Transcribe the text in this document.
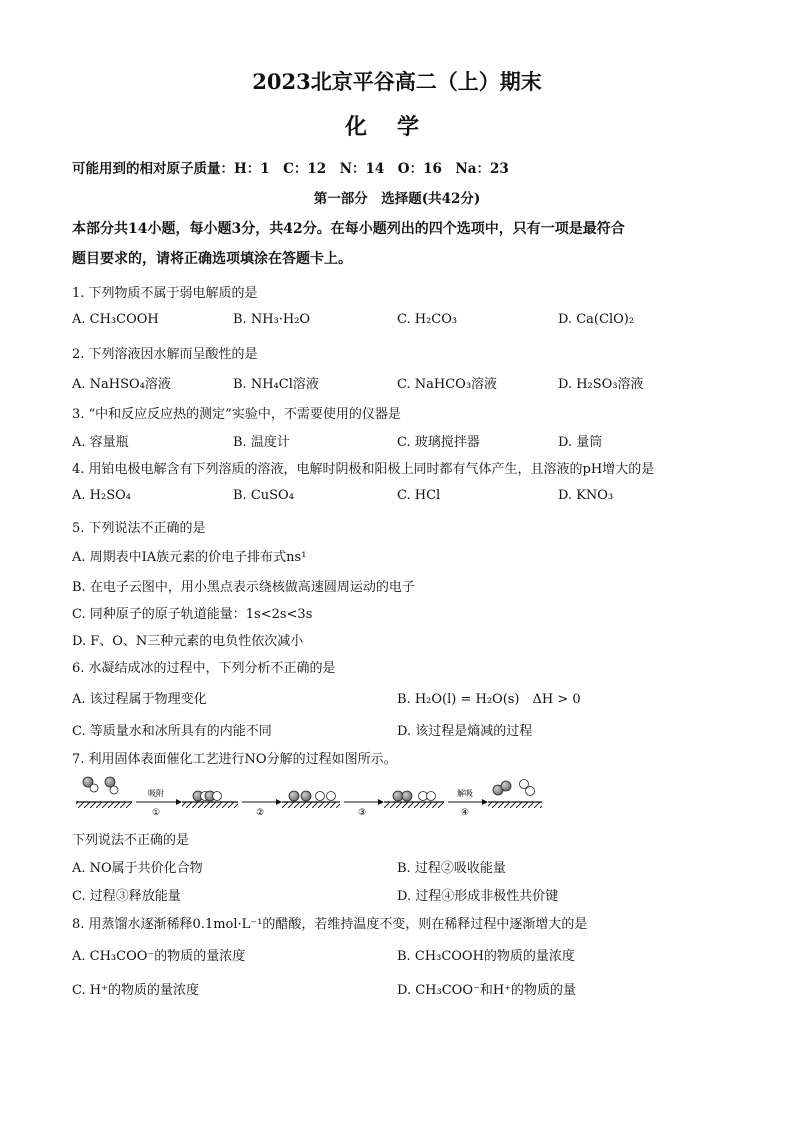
2023北京平谷高二（上）期末
化学
可能用到的相对原子质量：H：1　C：12　N：14　O：16　Na：23
第一部分　选择题(共42分)
本部分共14小题，每小题3分，共42分。在每小题列出的四个选项中，只有一项是最符合
题目要求的，请将正确选项填涂在答题卡上。
1. 下列物质不属于弱电解质的是
A. CH₃COOH	B. NH₃·H₂O	C. H₂CO₃	D. Ca(ClO)₂
2. 下列溶液因水解而呈酸性的是
A. NaHSO₄溶液	B. NH₄Cl溶液	C. NaHCO₃溶液	D. H₂SO₃溶液
3. “中和反应反应热的测定”实验中，不需要使用的仪器是
A. 容量瓶	B. 温度计	C. 玻璃搅拌器	D. 量筒
4. 用铂电极电解含有下列溶质的溶液，电解时阴极和阳极上同时都有气体产生，且溶液的pH增大的是
A. H₂SO₄	B. CuSO₄	C. HCl	D. KNO₃
5. 下列说法不正确的是
A. 周期表中IA族元素的价电子排布式ns¹
B. 在电子云图中，用小黑点表示绕核做高速圆周运动的电子
C. 同种原子的原子轨道能量：1s<2s<3s
D. F、O、N三种元素的电负性依次减小
6. 水凝结成冰的过程中，下列分析不正确的是
A. 该过程属于物理变化	B. H₂O(l) = H₂O(s)　ΔH > 0
C. 等质量水和冰所具有的内能不同	D. 该过程是熵减的过程
7. 利用固体表面催化工艺进行NO分解的过程如图所示。
吸附
①	②	③
解吸
④
下列说法不正确的是
A. NO属于共价化合物	B. 过程②吸收能量
C. 过程③释放能量	D. 过程④形成非极性共价键
8. 用蒸馏水逐渐稀释0.1mol·L⁻¹的醋酸，若维持温度不变，则在稀释过程中逐渐增大的是
A. CH₃COO⁻的物质的量浓度	B. CH₃COOH的物质的量浓度
C. H⁺的物质的量浓度	D. CH₃COO⁻和H⁺的物质的量
